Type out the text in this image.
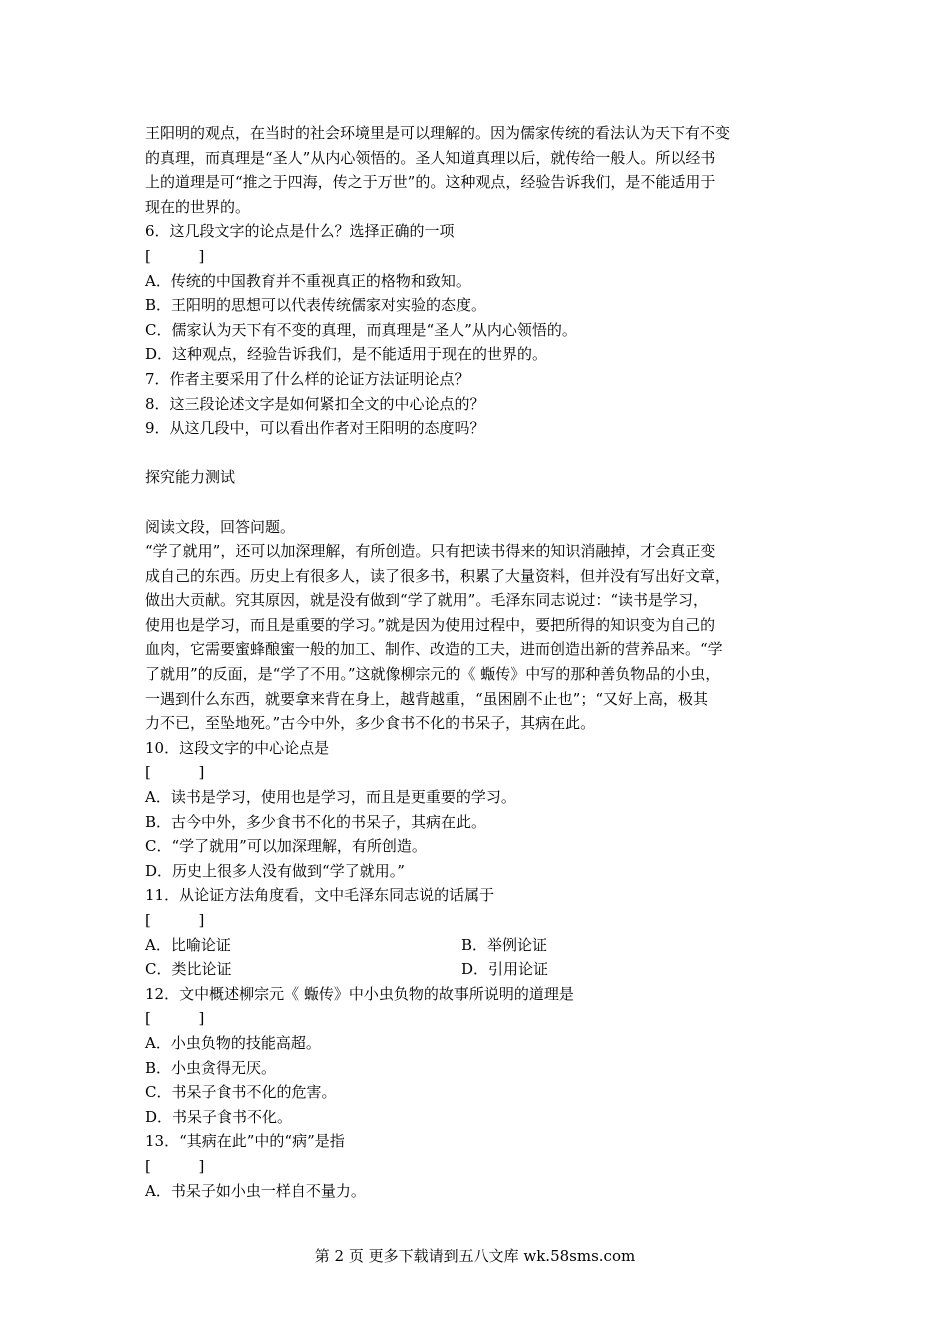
王阳明的观点，在当时的社会环境里是可以理解的。因为儒家传统的看法认为天下有不变
的真理，而真理是“圣人”从内心领悟的。圣人知道真理以后，就传给一般人。所以经书
上的道理是可“推之于四海，传之于万世”的。这种观点，经验告诉我们，是不能适用于
现在的世界的。
6．这几段文字的论点是什么？选择正确的一项
[          ]
A．传统的中国教育并不重视真正的格物和致知。
B．王阳明的思想可以代表传统儒家对实验的态度。
C．儒家认为天下有不变的真理，而真理是“圣人”从内心领悟的。
D．这种观点，经验告诉我们，是不能适用于现在的世界的。
7．作者主要采用了什么样的论证方法证明论点？
8．这三段论述文字是如何紧扣全文的中心论点的？
9．从这几段中，可以看出作者对王阳明的态度吗？
探究能力测试
阅读文段，回答问题。
“学了就用”，还可以加深理解，有所创造。只有把读书得来的知识消融掉，才会真正变
成自己的东西。历史上有很多人，读了很多书，积累了大量资料，但并没有写出好文章，
做出大贡献。究其原因，就是没有做到“学了就用”。毛泽东同志说过：“读书是学习，
使用也是学习，而且是重要的学习。”就是因为使用过程中，要把所得的知识变为自己的
血肉，它需要蜜蜂酿蜜一般的加工、制作、改造的工夫，进而创造出新的营养品来。“学
了就用”的反面，是“学了不用。”这就像柳宗元的《 蝂传》中写的那种善负物品的小虫，
一遇到什么东西，就要拿来背在身上，越背越重，“虽困剧不止也”；“又好上高，极其
力不已，至坠地死。”古今中外，多少食书不化的书呆子，其病在此。
10．这段文字的中心论点是
[          ]
A．读书是学习，使用也是学习，而且是更重要的学习。
B．古今中外，多少食书不化的书呆子，其病在此。
C．“学了就用”可以加深理解，有所创造。
D．历史上很多人没有做到“学了就用。”
11．从论证方法角度看，文中毛泽东同志说的话属于
[          ]
A．比喻论证	B．举例论证
C．类比论证	D．引用论证
12．文中概述柳宗元《 蝂传》中小虫负物的故事所说明的道理是
[          ]
A．小虫负物的技能高超。
B．小虫贪得无厌。
C．书呆子食书不化的危害。
D．书呆子食书不化。
13．“其病在此”中的“病”是指
[          ]
A．书呆子如小虫一样自不量力。
第 2 页 更多下载请到五八文库 wk.58sms.com
